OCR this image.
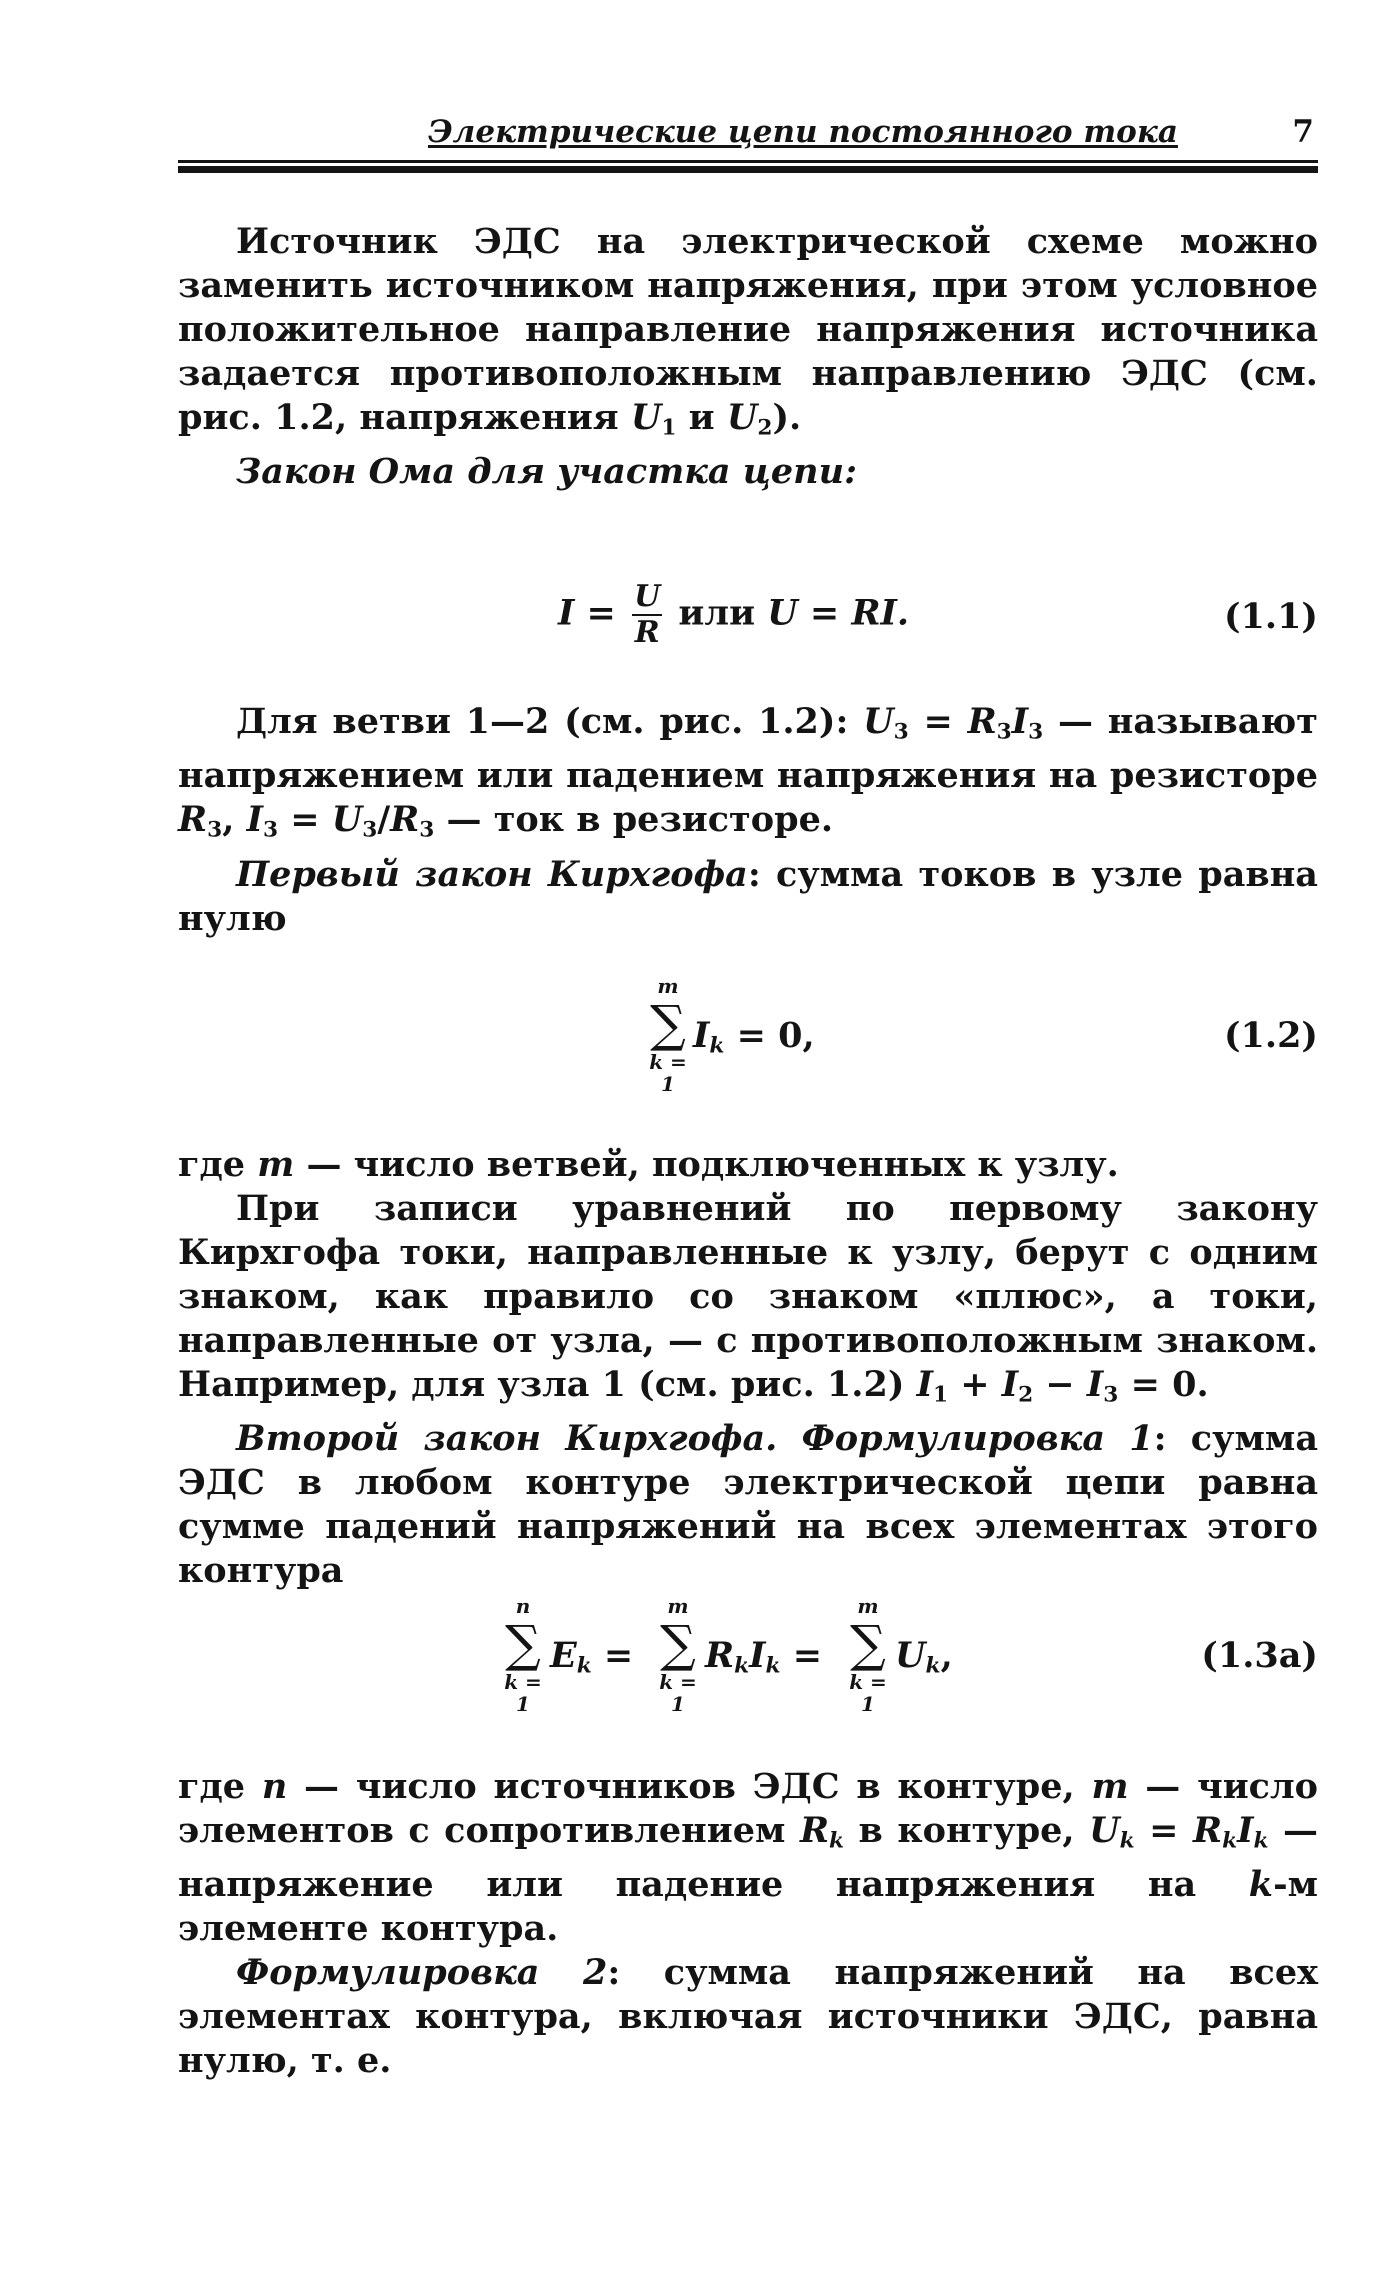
Электрические цепи постоянного тока	7

Источник ЭДС на электрической схеме можно заменить источником напряжения, при этом условное положительное направление напряжения источника задается противоположным направлению ЭДС (см. рис. 1.2, напряжения $U_1$ и $U_2$).

Закон Ома для участка цепи:

$I = \frac{U}{R}$ или U = RI.	(1.1)

Для ветви 1—2 (см. рис. 1.2): $U_3 = R_3I_3$ — называют напряжением или падением напряжения на резисторе $R_3$, $I_3 = U_3/R_3$ — ток в резисторе.

Первый закон Кирхгофа: сумма токов в узле равна нулю

m
∑
k = 1
$I_k = 0$,	(1.2)

где m — число ветвей, подключенных к узлу.

При записи уравнений по первому закону Кирхгофа токи, направленные к узлу, берут с одним знаком, как правило со знаком «плюс», а токи, направленные от узла, — с противоположным знаком. Например, для узла 1 (см. рис. 1.2) $I_1 + I_2 - I_3 = 0$.

Второй закон Кирхгофа. Формулировка 1: сумма ЭДС в любом контуре электрической цепи равна сумме падений напряжений на всех элементах этого контура

n
∑
k = 1
$E_k$ =
m
∑
k = 1
$R_kI_k$ =
m
∑
k = 1
$U_k$,	(1.3а)

где n — число источников ЭДС в контуре, m — число элементов с сопротивлением $R_k$ в контуре, $U_k = R_kI_k$ — напряжение или падение напряжения на k-м элементе контура.

Формулировка 2: сумма напряжений на всех элементах контура, включая источники ЭДС, равна нулю, т. е.
